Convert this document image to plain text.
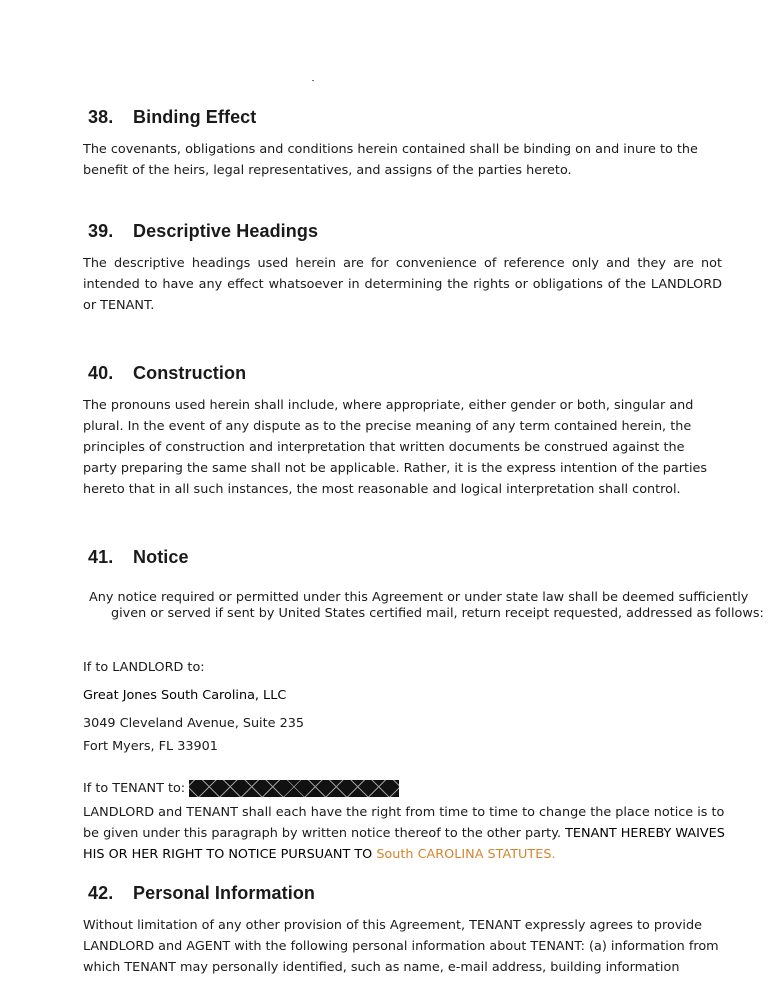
38. Binding Effect
The covenants, obligations and conditions herein contained shall be binding on and inure to the benefit of the heirs, legal representatives, and assigns of the parties hereto.
39. Descriptive Headings
The descriptive headings used herein are for convenience of reference only and they are not intended to have any effect whatsoever in determining the rights or obligations of the LANDLORD or TENANT.
40. Construction
The pronouns used herein shall include, where appropriate, either gender or both, singular and plural. In the event of any dispute as to the precise meaning of any term contained herein, the principles of construction and interpretation that written documents be construed against the party preparing the same shall not be applicable. Rather, it is the express intention of the parties hereto that in all such instances, the most reasonable and logical interpretation shall control.
41. Notice
Any notice required or permitted under this Agreement or under state law shall be deemed sufficiently given or served if sent by United States certified mail, return receipt requested, addressed as follows:
If to LANDLORD to:
Great Jones South Carolina, LLC
3049 Cleveland Avenue, Suite 235
Fort Myers, FL 33901
If to TENANT to:
LANDLORD and TENANT shall each have the right from time to time to change the place notice is to be given under this paragraph by written notice thereof to the other party. TENANT HEREBY WAIVES HIS OR HER RIGHT TO NOTICE PURSUANT TO South CAROLINA STATUTES.
42. Personal Information
Without limitation of any other provision of this Agreement, TENANT expressly agrees to provide LANDLORD and AGENT with the following personal information about TENANT: (a) information from which TENANT may personally identified, such as name, e-mail address, building information
